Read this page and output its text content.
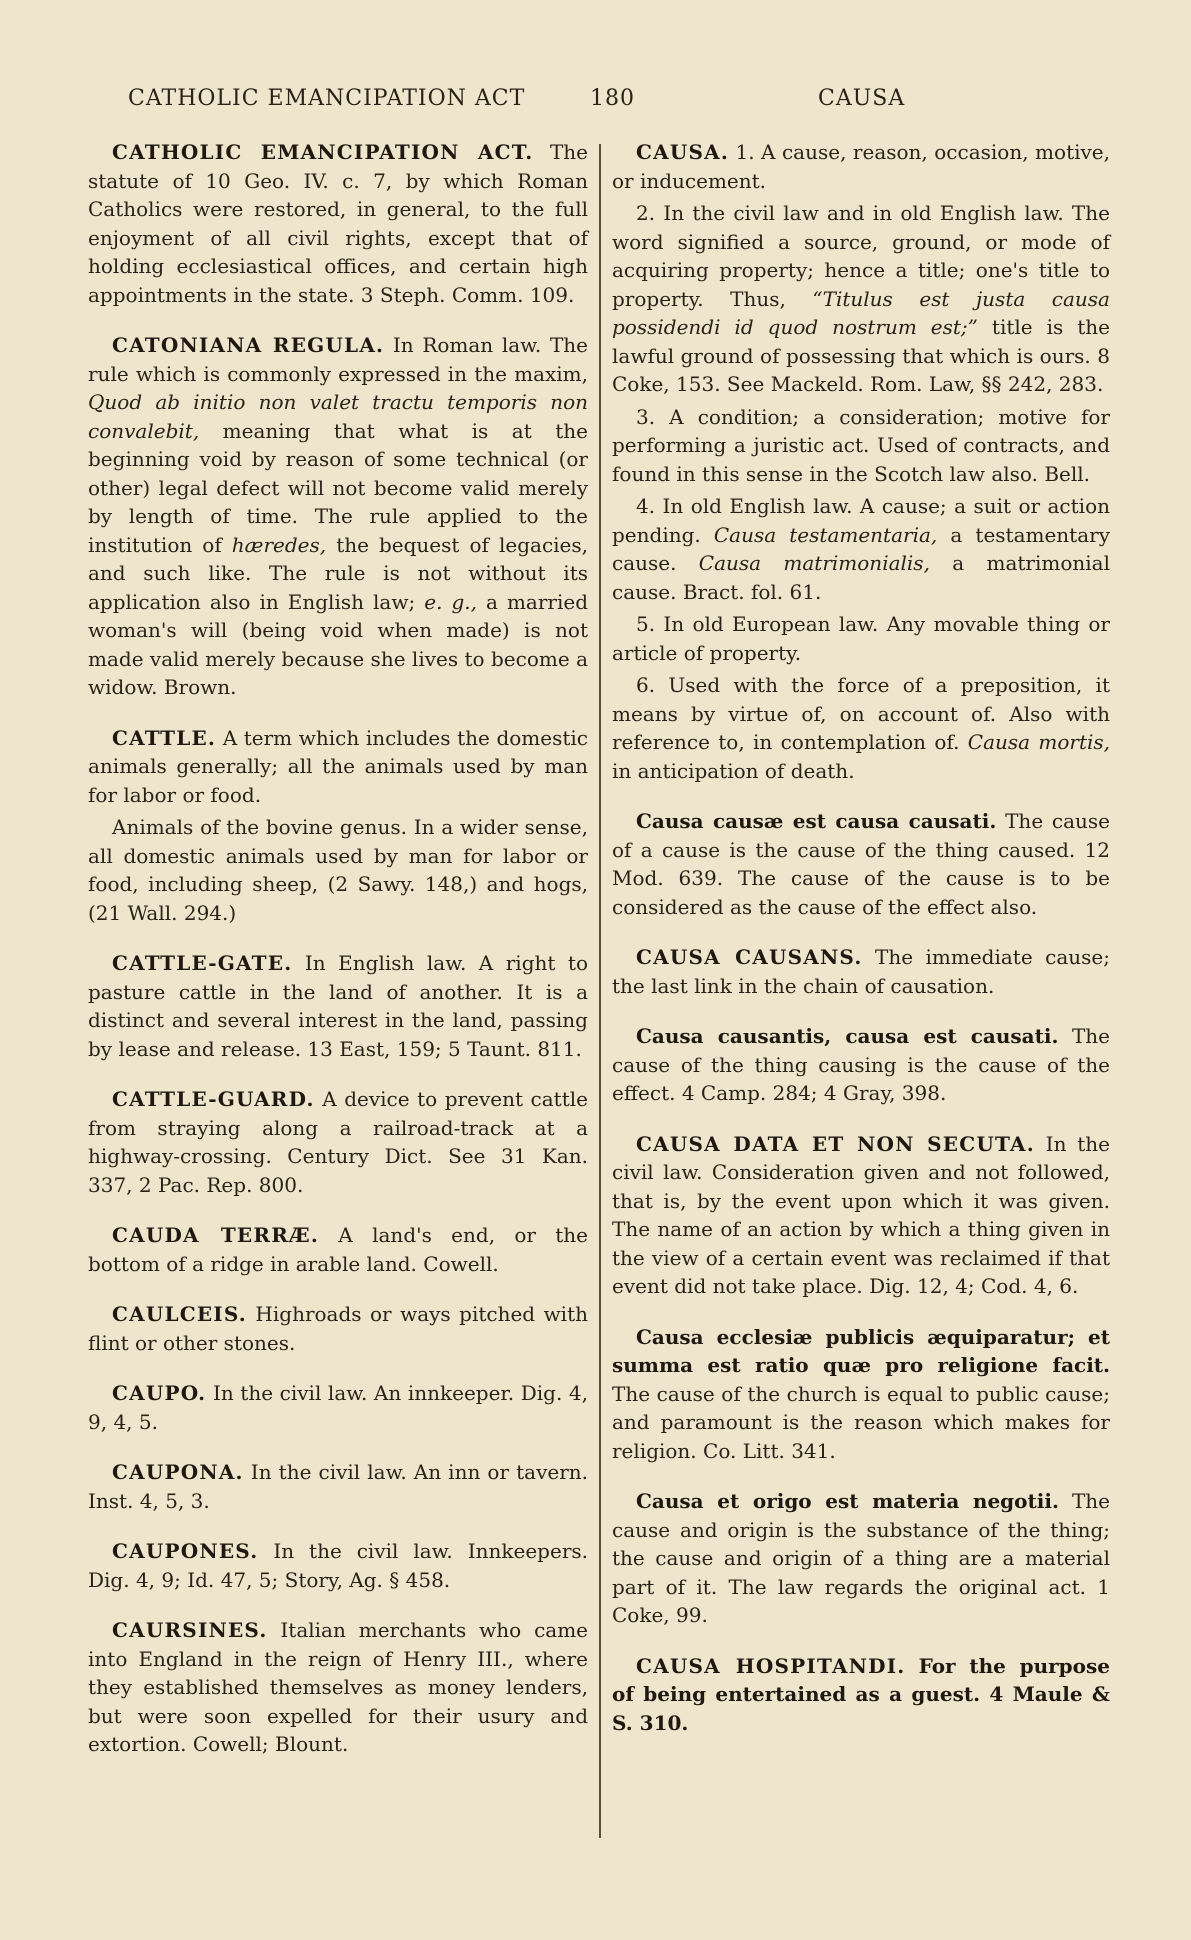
CATHOLIC EMANCIPATION ACT	180	CAUSA

CATHOLIC EMANCIPATION ACT. The statute of 10 Geo. IV. c. 7, by which Roman Catholics were restored, in general, to the full enjoyment of all civil rights, except that of holding ecclesiastical offices, and certain high appointments in the state. 3 Steph. Comm. 109.

CATONIANA REGULA. In Roman law. The rule which is commonly expressed in the maxim, Quod ab initio non valet tractu temporis non convalebit, meaning that what is at the beginning void by reason of some technical (or other) legal defect will not become valid merely by length of time. The rule applied to the institution of hæredes, the bequest of legacies, and such like. The rule is not without its application also in English law; e. g., a married woman's will (being void when made) is not made valid merely because she lives to become a widow. Brown.

CATTLE. A term which includes the domestic animals generally; all the animals used by man for labor or food.

Animals of the bovine genus. In a wider sense, all domestic animals used by man for labor or food, including sheep, (2 Sawy. 148,) and hogs, (21 Wall. 294.)

CATTLE-GATE. In English law. A right to pasture cattle in the land of another. It is a distinct and several interest in the land, passing by lease and release. 13 East, 159; 5 Taunt. 811.

CATTLE-GUARD. A device to prevent cattle from straying along a railroad-track at a highway-crossing. Century Dict. See 31 Kan. 337, 2 Pac. Rep. 800.

CAUDA TERRÆ. A land's end, or the bottom of a ridge in arable land. Cowell.

CAULCEIS. Highroads or ways pitched with flint or other stones.

CAUPO. In the civil law. An innkeeper. Dig. 4, 9, 4, 5.

CAUPONA. In the civil law. An inn or tavern. Inst. 4, 5, 3.

CAUPONES. In the civil law. Innkeepers. Dig. 4, 9; Id. 47, 5; Story, Ag. § 458.

CAURSINES. Italian merchants who came into England in the reign of Henry III., where they established themselves as money lenders, but were soon expelled for their usury and extortion. Cowell; Blount.

CAUSA. 1. A cause, reason, occasion, motive, or inducement.

2. In the civil law and in old English law. The word signified a source, ground, or mode of acquiring property; hence a title; one's title to property. Thus, “Titulus est justa causa possidendi id quod nostrum est;” title is the lawful ground of possessing that which is ours. 8 Coke, 153. See Mackeld. Rom. Law, §§ 242, 283.

3. A condition; a consideration; motive for performing a juristic act. Used of contracts, and found in this sense in the Scotch law also. Bell.

4. In old English law. A cause; a suit or action pending. Causa testamentaria, a testamentary cause. Causa matrimonialis, a matrimonial cause. Bract. fol. 61.

5. In old European law. Any movable thing or article of property.

6. Used with the force of a preposition, it means by virtue of, on account of. Also with reference to, in contemplation of. Causa mortis, in anticipation of death.

Causa causæ est causa causati. The cause of a cause is the cause of the thing caused. 12 Mod. 639. The cause of the cause is to be considered as the cause of the effect also.

CAUSA CAUSANS. The immediate cause; the last link in the chain of causation.

Causa causantis, causa est causati. The cause of the thing causing is the cause of the effect. 4 Camp. 284; 4 Gray, 398.

CAUSA DATA ET NON SECUTA. In the civil law. Consideration given and not followed, that is, by the event upon which it was given. The name of an action by which a thing given in the view of a certain event was reclaimed if that event did not take place. Dig. 12, 4; Cod. 4, 6.

Causa ecclesiæ publicis æquiparatur; et summa est ratio quæ pro religione facit. The cause of the church is equal to public cause; and paramount is the reason which makes for religion. Co. Litt. 341.

Causa et origo est materia negotii. The cause and origin is the substance of the thing; the cause and origin of a thing are a material part of it. The law regards the original act. 1 Coke, 99.

CAUSA HOSPITANDI. For the purpose of being entertained as a guest. 4 Maule & S. 310.
